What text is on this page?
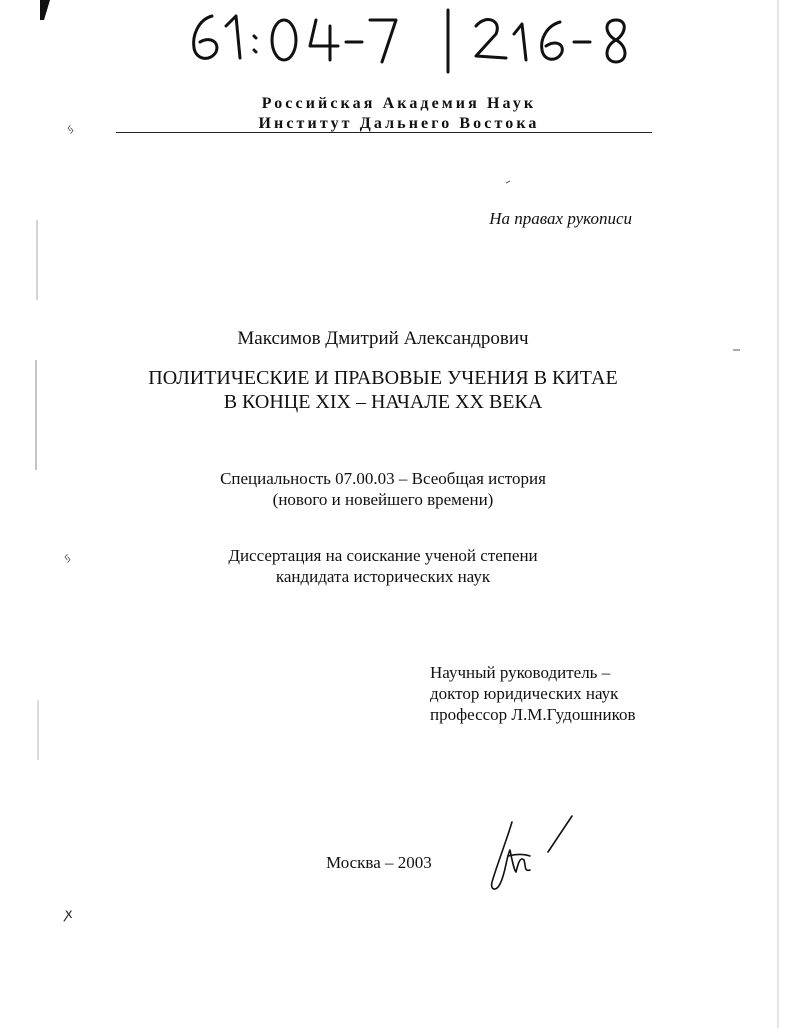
ᛃ
ᛃ
ꭗ
Российская Академия Наук
Институт Дальнего Востока
На правах рукописи
Максимов Дмитрий Александрович
ПОЛИТИЧЕСКИЕ И ПРАВОВЫЕ УЧЕНИЯ В КИТАЕ
В КОНЦЕ XIX – НАЧАЛЕ XX ВЕКА
Специальность 07.00.03 – Всеобщая история
(нового и новейшего времени)
Диссертация на соискание ученой степени
кандидата исторических наук
Научный руководитель –
доктор юридических наук
профессор Л.М.Гудошников
Москва – 2003
